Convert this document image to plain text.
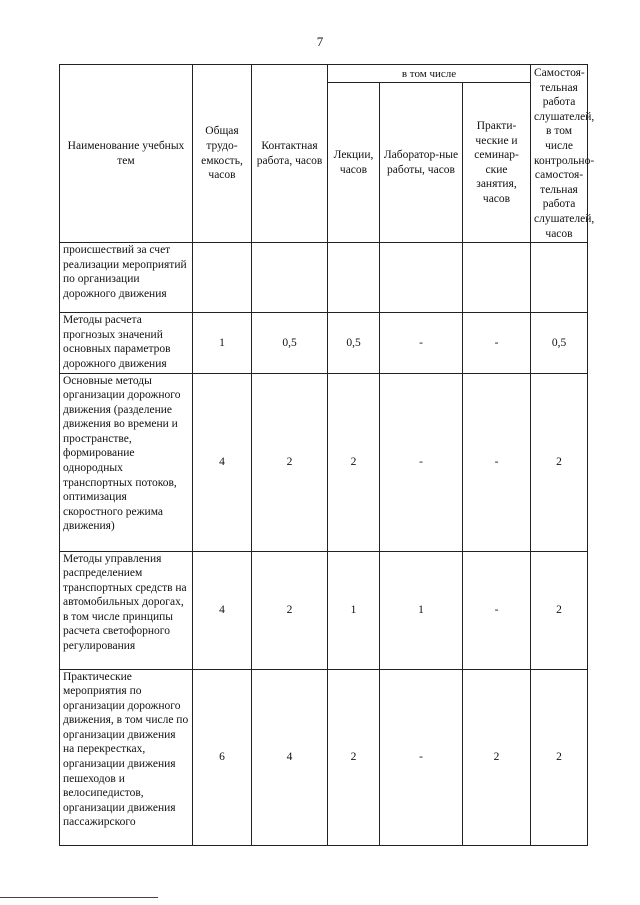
7
Наименование учебных тем	Общая трудо-емкость, часов	Контактная работа, часов	в том числе			Самостоя-тельная работа слушателей, в том числе контрольно-самостоя-тельная работа слушателей, часов
			Лекции, часов	Лаборатор-ные работы, часов	Практи-ческие и семинар-ские занятия, часов	
происшествий за счет реализации мероприятий по организации дорожного движения						
Методы расчета прогнозых значений основных параметров дорожного движения	1	0,5	0,5	-	-	0,5
Основные методы организации дорожного движения (разделение движения во времени и пространстве, формирование однородных транспортных потоков, оптимизация скоростного режима движения)	4	2	2	-	-	2
Методы управления распределением транспортных средств на автомобильных дорогах, в том числе принципы расчета светофорного регулирования	4	2	1	1	-	2
Практические мероприятия по организации дорожного движения, в том числе по организации движения на перекрестках, организации движения пешеходов и велосипедистов, организации движения пассажирского	6	4	2	-	2	2
